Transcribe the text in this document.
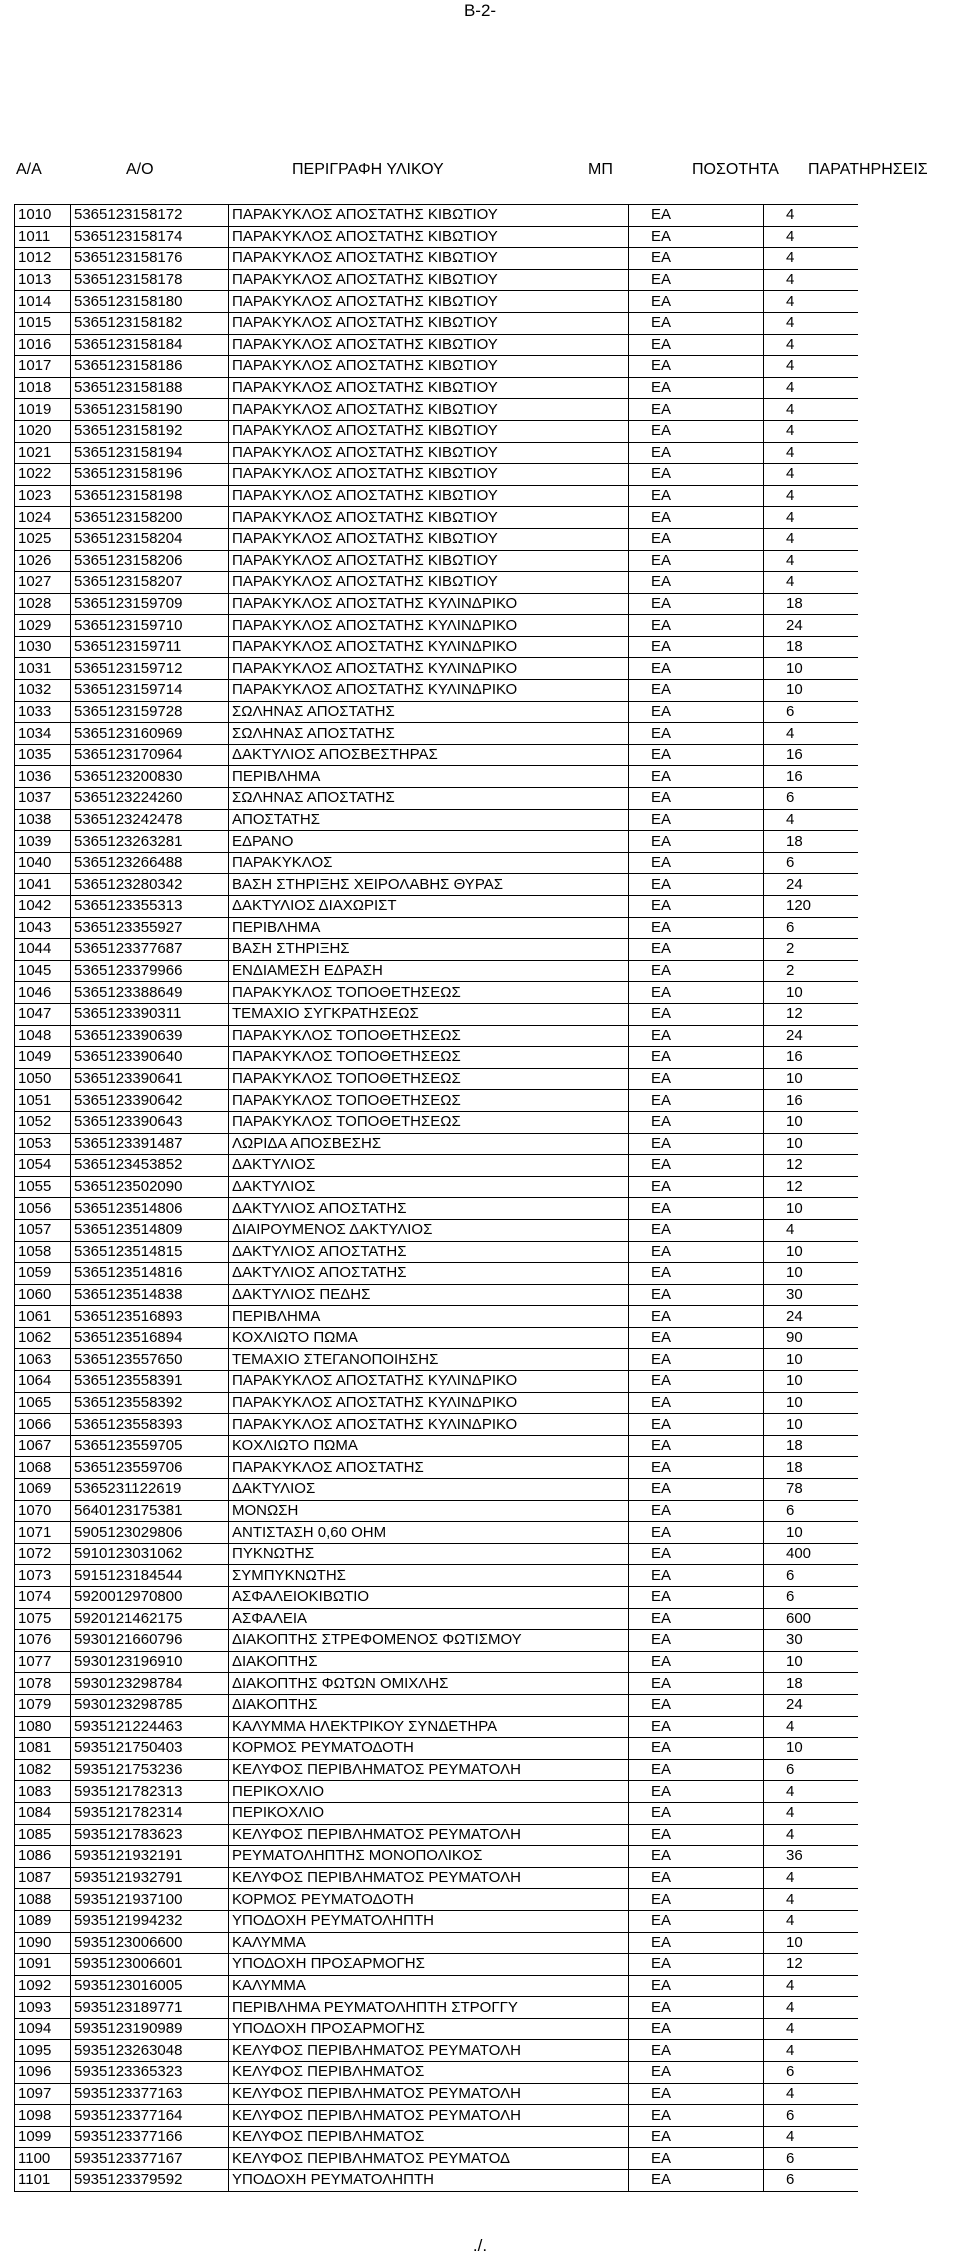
Β-2-
Α/Α	Α/Ο	ΠΕΡΙΓΡΑΦΗ ΥΛΙΚΟΥ	ΜΠ	ΠΟΣΟΤΗΤΑ ΠΑΡΑΤΗΡΗΣΕΙΣ
1010	5365123158172	ΠΑΡΑΚΥΚΛΟΣ ΑΠΟΣΤΑΤΗΣ ΚΙΒΩΤΙΟΥ	ΕΑ	4
1011	5365123158174	ΠΑΡΑΚΥΚΛΟΣ ΑΠΟΣΤΑΤΗΣ ΚΙΒΩΤΙΟΥ	ΕΑ	4
1012	5365123158176	ΠΑΡΑΚΥΚΛΟΣ ΑΠΟΣΤΑΤΗΣ ΚΙΒΩΤΙΟΥ	ΕΑ	4
1013	5365123158178	ΠΑΡΑΚΥΚΛΟΣ ΑΠΟΣΤΑΤΗΣ ΚΙΒΩΤΙΟΥ	ΕΑ	4
1014	5365123158180	ΠΑΡΑΚΥΚΛΟΣ ΑΠΟΣΤΑΤΗΣ ΚΙΒΩΤΙΟΥ	ΕΑ	4
1015	5365123158182	ΠΑΡΑΚΥΚΛΟΣ ΑΠΟΣΤΑΤΗΣ ΚΙΒΩΤΙΟΥ	ΕΑ	4
1016	5365123158184	ΠΑΡΑΚΥΚΛΟΣ ΑΠΟΣΤΑΤΗΣ ΚΙΒΩΤΙΟΥ	ΕΑ	4
1017	5365123158186	ΠΑΡΑΚΥΚΛΟΣ ΑΠΟΣΤΑΤΗΣ ΚΙΒΩΤΙΟΥ	ΕΑ	4
1018	5365123158188	ΠΑΡΑΚΥΚΛΟΣ ΑΠΟΣΤΑΤΗΣ ΚΙΒΩΤΙΟΥ	ΕΑ	4
1019	5365123158190	ΠΑΡΑΚΥΚΛΟΣ ΑΠΟΣΤΑΤΗΣ ΚΙΒΩΤΙΟΥ	ΕΑ	4
1020	5365123158192	ΠΑΡΑΚΥΚΛΟΣ ΑΠΟΣΤΑΤΗΣ ΚΙΒΩΤΙΟΥ	ΕΑ	4
1021	5365123158194	ΠΑΡΑΚΥΚΛΟΣ ΑΠΟΣΤΑΤΗΣ ΚΙΒΩΤΙΟΥ	ΕΑ	4
1022	5365123158196	ΠΑΡΑΚΥΚΛΟΣ ΑΠΟΣΤΑΤΗΣ ΚΙΒΩΤΙΟΥ	ΕΑ	4
1023	5365123158198	ΠΑΡΑΚΥΚΛΟΣ ΑΠΟΣΤΑΤΗΣ ΚΙΒΩΤΙΟΥ	ΕΑ	4
1024	5365123158200	ΠΑΡΑΚΥΚΛΟΣ ΑΠΟΣΤΑΤΗΣ ΚΙΒΩΤΙΟΥ	ΕΑ	4
1025	5365123158204	ΠΑΡΑΚΥΚΛΟΣ ΑΠΟΣΤΑΤΗΣ ΚΙΒΩΤΙΟΥ	ΕΑ	4
1026	5365123158206	ΠΑΡΑΚΥΚΛΟΣ ΑΠΟΣΤΑΤΗΣ ΚΙΒΩΤΙΟΥ	ΕΑ	4
1027	5365123158207	ΠΑΡΑΚΥΚΛΟΣ ΑΠΟΣΤΑΤΗΣ ΚΙΒΩΤΙΟΥ	ΕΑ	4
1028	5365123159709	ΠΑΡΑΚΥΚΛΟΣ ΑΠΟΣΤΑΤΗΣ ΚΥΛΙΝΔΡΙΚΟ	ΕΑ	18
1029	5365123159710	ΠΑΡΑΚΥΚΛΟΣ ΑΠΟΣΤΑΤΗΣ ΚΥΛΙΝΔΡΙΚΟ	ΕΑ	24
1030	5365123159711	ΠΑΡΑΚΥΚΛΟΣ ΑΠΟΣΤΑΤΗΣ ΚΥΛΙΝΔΡΙΚΟ	ΕΑ	18
1031	5365123159712	ΠΑΡΑΚΥΚΛΟΣ ΑΠΟΣΤΑΤΗΣ ΚΥΛΙΝΔΡΙΚΟ	ΕΑ	10
1032	5365123159714	ΠΑΡΑΚΥΚΛΟΣ ΑΠΟΣΤΑΤΗΣ ΚΥΛΙΝΔΡΙΚΟ	ΕΑ	10
1033	5365123159728	ΣΩΛΗΝΑΣ ΑΠΟΣΤΑΤΗΣ	ΕΑ	6
1034	5365123160969	ΣΩΛΗΝΑΣ ΑΠΟΣΤΑΤΗΣ	ΕΑ	4
1035	5365123170964	ΔΑΚΤΥΛΙΟΣ ΑΠΟΣΒΕΣΤΗΡΑΣ	ΕΑ	16
1036	5365123200830	ΠΕΡΙΒΛΗΜΑ	ΕΑ	16
1037	5365123224260	ΣΩΛΗΝΑΣ ΑΠΟΣΤΑΤΗΣ	ΕΑ	6
1038	5365123242478	ΑΠΟΣΤΑΤΗΣ	ΕΑ	4
1039	5365123263281	ΕΔΡΑΝΟ	ΕΑ	18
1040	5365123266488	ΠΑΡΑΚΥΚΛΟΣ	ΕΑ	6
1041	5365123280342	ΒΑΣΗ ΣΤΗΡΙΞΗΣ ΧΕΙΡΟΛΑΒΗΣ ΘΥΡΑΣ	ΕΑ	24
1042	5365123355313	ΔΑΚΤΥΛΙΟΣ ΔΙΑΧΩΡΙΣΤ	ΕΑ	120
1043	5365123355927	ΠΕΡΙΒΛΗΜΑ	ΕΑ	6
1044	5365123377687	ΒΑΣΗ ΣΤΗΡΙΞΗΣ	ΕΑ	2
1045	5365123379966	ΕΝΔΙΑΜΕΣΗ ΕΔΡΑΣΗ	ΕΑ	2
1046	5365123388649	ΠΑΡΑΚΥΚΛΟΣ ΤΟΠΟΘΕΤΗΣΕΩΣ	ΕΑ	10
1047	5365123390311	ΤΕΜΑΧΙΟ ΣΥΓΚΡΑΤΗΣΕΩΣ	ΕΑ	12
1048	5365123390639	ΠΑΡΑΚΥΚΛΟΣ ΤΟΠΟΘΕΤΗΣΕΩΣ	ΕΑ	24
1049	5365123390640	ΠΑΡΑΚΥΚΛΟΣ ΤΟΠΟΘΕΤΗΣΕΩΣ	ΕΑ	16
1050	5365123390641	ΠΑΡΑΚΥΚΛΟΣ ΤΟΠΟΘΕΤΗΣΕΩΣ	ΕΑ	10
1051	5365123390642	ΠΑΡΑΚΥΚΛΟΣ ΤΟΠΟΘΕΤΗΣΕΩΣ	ΕΑ	16
1052	5365123390643	ΠΑΡΑΚΥΚΛΟΣ ΤΟΠΟΘΕΤΗΣΕΩΣ	ΕΑ	10
1053	5365123391487	ΛΩΡΙΔΑ ΑΠΟΣΒΕΣΗΣ	ΕΑ	10
1054	5365123453852	ΔΑΚΤΥΛΙΟΣ	ΕΑ	12
1055	5365123502090	ΔΑΚΤΥΛΙΟΣ	ΕΑ	12
1056	5365123514806	ΔΑΚΤΥΛΙΟΣ ΑΠΟΣΤΑΤΗΣ	ΕΑ	10
1057	5365123514809	ΔΙΑΙΡΟΥΜΕΝΟΣ ΔΑΚΤΥΛΙΟΣ	ΕΑ	4
1058	5365123514815	ΔΑΚΤΥΛΙΟΣ ΑΠΟΣΤΑΤΗΣ	ΕΑ	10
1059	5365123514816	ΔΑΚΤΥΛΙΟΣ ΑΠΟΣΤΑΤΗΣ	ΕΑ	10
1060	5365123514838	ΔΑΚΤΥΛΙΟΣ ΠΕΔΗΣ	ΕΑ	30
1061	5365123516893	ΠΕΡΙΒΛΗΜΑ	ΕΑ	24
1062	5365123516894	ΚΟΧΛΙΩΤΟ ΠΩΜΑ	ΕΑ	90
1063	5365123557650	ΤΕΜΑΧΙΟ ΣΤΕΓΑΝΟΠΟΙΗΣΗΣ	ΕΑ	10
1064	5365123558391	ΠΑΡΑΚΥΚΛΟΣ ΑΠΟΣΤΑΤΗΣ ΚΥΛΙΝΔΡΙΚΟ	ΕΑ	10
1065	5365123558392	ΠΑΡΑΚΥΚΛΟΣ ΑΠΟΣΤΑΤΗΣ ΚΥΛΙΝΔΡΙΚΟ	ΕΑ	10
1066	5365123558393	ΠΑΡΑΚΥΚΛΟΣ ΑΠΟΣΤΑΤΗΣ ΚΥΛΙΝΔΡΙΚΟ	ΕΑ	10
1067	5365123559705	ΚΟΧΛΙΩΤΟ ΠΩΜΑ	ΕΑ	18
1068	5365123559706	ΠΑΡΑΚΥΚΛΟΣ ΑΠΟΣΤΑΤΗΣ	ΕΑ	18
1069	5365231122619	ΔΑΚΤΥΛΙΟΣ	ΕΑ	78
1070	5640123175381	ΜΟΝΩΣΗ	ΕΑ	6
1071	5905123029806	ΑΝΤΙΣΤΑΣΗ 0,60 OHM	ΕΑ	10
1072	5910123031062	ΠΥΚΝΩΤΗΣ	ΕΑ	400
1073	5915123184544	ΣΥΜΠΥΚΝΩΤΗΣ	ΕΑ	6
1074	5920012970800	ΑΣΦΑΛΕΙΟΚΙΒΩΤΙΟ	ΕΑ	6
1075	5920121462175	ΑΣΦΑΛΕΙΑ	ΕΑ	600
1076	5930121660796	ΔΙΑΚΟΠΤΗΣ ΣΤΡΕΦΟΜΕΝΟΣ ΦΩΤΙΣΜΟΥ	ΕΑ	30
1077	5930123196910	ΔΙΑΚΟΠΤΗΣ	ΕΑ	10
1078	5930123298784	ΔΙΑΚΟΠΤΗΣ ΦΩΤΩΝ ΟΜΙΧΛΗΣ	ΕΑ	18
1079	5930123298785	ΔΙΑΚΟΠΤΗΣ	ΕΑ	24
1080	5935121224463	ΚΑΛΥΜΜΑ ΗΛΕΚΤΡΙΚΟΥ ΣΥΝΔΕΤΗΡΑ	ΕΑ	4
1081	5935121750403	ΚΟΡΜΟΣ ΡΕΥΜΑΤΟΔΟΤΗ	ΕΑ	10
1082	5935121753236	ΚΕΛΥΦΟΣ ΠΕΡΙΒΛΗΜΑΤΟΣ ΡΕΥΜΑΤΟΛΗ	ΕΑ	6
1083	5935121782313	ΠΕΡΙΚΟΧΛΙΟ	ΕΑ	4
1084	5935121782314	ΠΕΡΙΚΟΧΛΙΟ	ΕΑ	4
1085	5935121783623	ΚΕΛΥΦΟΣ ΠΕΡΙΒΛΗΜΑΤΟΣ ΡΕΥΜΑΤΟΛΗ	ΕΑ	4
1086	5935121932191	ΡΕΥΜΑΤΟΛΗΠΤΗΣ ΜΟΝΟΠΟΛΙΚΟΣ	ΕΑ	36
1087	5935121932791	ΚΕΛΥΦΟΣ ΠΕΡΙΒΛΗΜΑΤΟΣ ΡΕΥΜΑΤΟΛΗ	ΕΑ	4
1088	5935121937100	ΚΟΡΜΟΣ ΡΕΥΜΑΤΟΔΟΤΗ	ΕΑ	4
1089	5935121994232	ΥΠΟΔΟΧΗ ΡΕΥΜΑΤΟΛΗΠΤΗ	ΕΑ	4
1090	5935123006600	ΚΑΛΥΜΜΑ	ΕΑ	10
1091	5935123006601	ΥΠΟΔΟΧΗ ΠΡΟΣΑΡΜΟΓΗΣ	ΕΑ	12
1092	5935123016005	ΚΑΛΥΜΜΑ	ΕΑ	4
1093	5935123189771	ΠΕΡΙΒΛΗΜΑ ΡΕΥΜΑΤΟΛΗΠΤΗ ΣΤΡΟΓΓΥ	ΕΑ	4
1094	5935123190989	ΥΠΟΔΟΧΗ ΠΡΟΣΑΡΜΟΓΗΣ	ΕΑ	4
1095	5935123263048	ΚΕΛΥΦΟΣ ΠΕΡΙΒΛΗΜΑΤΟΣ ΡΕΥΜΑΤΟΛΗ	ΕΑ	4
1096	5935123365323	ΚΕΛΥΦΟΣ ΠΕΡΙΒΛΗΜΑΤΟΣ	ΕΑ	6
1097	5935123377163	ΚΕΛΥΦΟΣ ΠΕΡΙΒΛΗΜΑΤΟΣ ΡΕΥΜΑΤΟΛΗ	ΕΑ	4
1098	5935123377164	ΚΕΛΥΦΟΣ ΠΕΡΙΒΛΗΜΑΤΟΣ ΡΕΥΜΑΤΟΛΗ	ΕΑ	6
1099	5935123377166	ΚΕΛΥΦΟΣ ΠΕΡΙΒΛΗΜΑΤΟΣ	ΕΑ	4
1100	5935123377167	ΚΕΛΥΦΟΣ ΠΕΡΙΒΛΗΜΑΤΟΣ ΡΕΥΜΑΤΟΔ	ΕΑ	6
1101	5935123379592	ΥΠΟΔΟΧΗ ΡΕΥΜΑΤΟΛΗΠΤΗ	ΕΑ	6
./.
